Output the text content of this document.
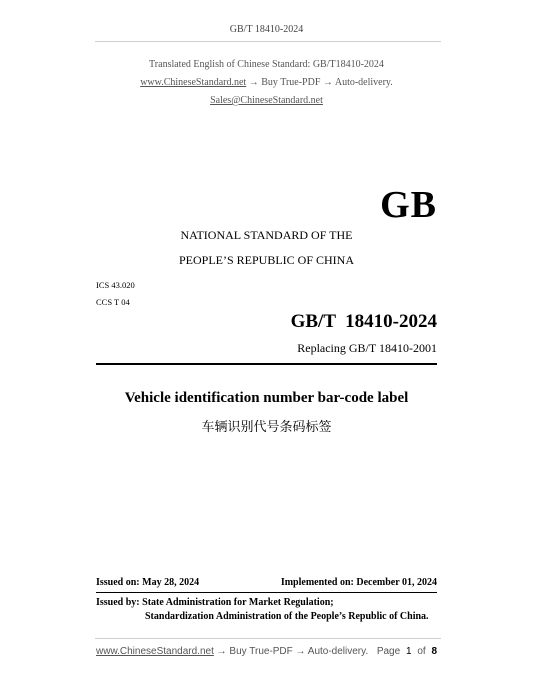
GB/T 18410-2024
Translated English of Chinese Standard: GB/T18410-2024
www.ChineseStandard.net → Buy True-PDF → Auto-delivery.
Sales@ChineseStandard.net
GB
NATIONAL STANDARD OF THE
PEOPLE’S REPUBLIC OF CHINA
ICS 43.020
CCS T 04
GB/T  18410-2024
Replacing GB/T 18410-2001
Vehicle identification number bar-code label
车辆识别代号条码标签
Issued on: May 28, 2024	Implemented on: December 01, 2024
Issued by: State Administration for Market Regulation;
Standardization Administration of the People’s Republic of China.
www.ChineseStandard.net → Buy True-PDF → Auto-delivery. Page 1 of 8
